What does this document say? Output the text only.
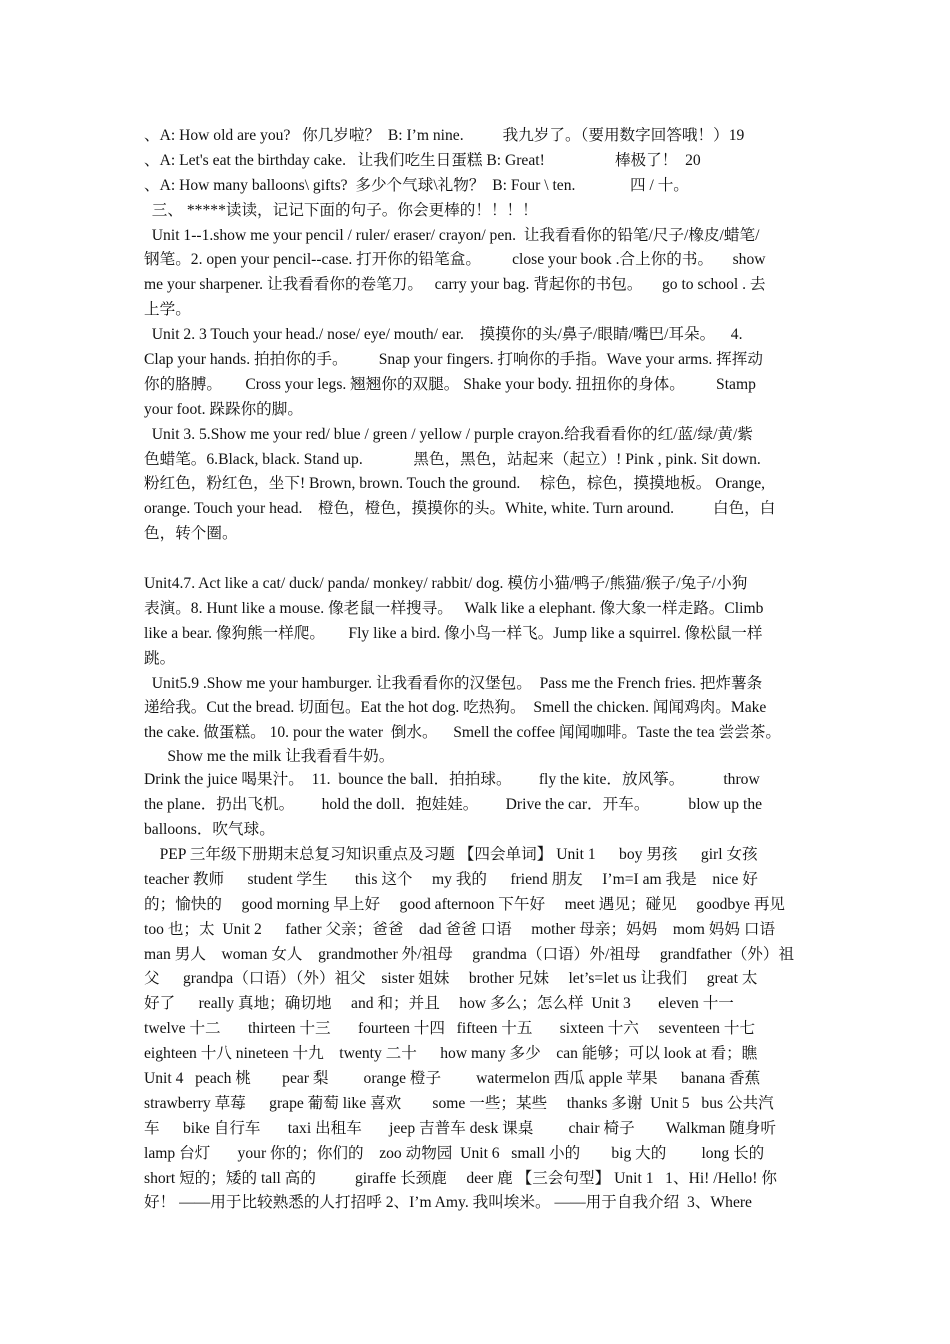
、A: How old are you?   你几岁啦？  B: I’m nine.          我九岁了。（要用数字回答哦！）19
、A: Let's eat the birthday cake.   让我们吃生日蛋糕 B: Great!                  棒极了！  20
、A: How many balloons\ gifts?  多少个气球\礼物？  B: Four \ ten.              四 / 十。
三、 *****读读，记记下面的句子。你会更棒的！！！！
Unit 1--1.show me your pencil / ruler/ eraser/ crayon/ pen.  让我看看你的铅笔/尺子/橡皮/蜡笔/
钢笔。2. open your pencil--case. 打开你的铅笔盒。        close your book .合上你的书。     show
me your sharpener. 让我看看你的卷笔刀。   carry your bag. 背起你的书包。     go to school . 去
上学。
Unit 2. 3 Touch your head./ nose/ eye/ mouth/ ear.    摸摸你的头/鼻子/眼睛/嘴巴/耳朵。    4.
Clap your hands. 拍拍你的手。        Snap your fingers. 打响你的手指。Wave your arms. 挥挥动
你的胳膊。      Cross your legs. 翘翘你的双腿。 Shake your body. 扭扭你的身体。        Stamp
your foot. 跺跺你的脚。
Unit 3. 5.Show me your red/ blue / green / yellow / purple crayon.给我看看你的红/蓝/绿/黄/紫
色蜡笔。6.Black, black. Stand up.             黑色，黑色，站起来（起立）! Pink , pink. Sit down.
粉红色，粉红色，坐下! Brown, brown. Touch the ground.     棕色，棕色，摸摸地板。 Orange,
orange. Touch your head.    橙色，橙色，摸摸你的头。White, white. Turn around.          白色，白
色，转个圈。
Unit4.7. Act like a cat/ duck/ panda/ monkey/ rabbit/ dog. 模仿小猫/鸭子/熊猫/猴子/兔子/小狗
表演。8. Hunt like a mouse. 像老鼠一样搜寻。   Walk like a elephant. 像大象一样走路。Climb
like a bear. 像狗熊一样爬。      Fly like a bird. 像小鸟一样飞。Jump like a squirrel. 像松鼠一样
跳。
Unit5.9 .Show me your hamburger. 让我看看你的汉堡包。  Pass me the French fries. 把炸薯条
递给我。Cut the bread. 切面包。Eat the hot dog. 吃热狗。  Smell the chicken. 闻闻鸡肉。Make
the cake. 做蛋糕。 10. pour the water  倒水。    Smell the coffee 闻闻咖啡。Taste the tea 尝尝茶。
Show me the milk 让我看看牛奶。
Drink the juice 喝果汁。  11.  bounce the ball．拍拍球。       fly the kite．放风筝。          throw
the plane．扔出飞机。       hold the doll．抱娃娃。       Drive the car．开车。          blow up the
balloons．吹气球。
PEP 三年级下册期末总复习知识重点及习题 【四会单词】 Unit 1      boy 男孩      girl 女孩
teacher 教师      student 学生       this 这个     my 我的      friend 朋友     I’m=I am 我是    nice 好
的；愉快的     good morning 早上好     good afternoon 下午好     meet 遇见；碰见     goodbye 再见
too 也；太  Unit 2      father 父亲；爸爸    dad 爸爸 口语     mother 母亲；妈妈    mom 妈妈 口语
man 男人    woman 女人    grandmother 外/祖母     grandma（口语）外/祖母     grandfather（外）祖
父      grandpa（口语）（外）祖父    sister 姐妹     brother 兄妹     let’s=let us 让我们     great 太
好了      really 真地；确切地     and 和；并且     how 多么；怎么样  Unit 3       eleven 十一
twelve 十二       thirteen 十三       fourteen 十四   fifteen 十五       sixteen 十六     seventeen 十七
eighteen 十八 nineteen 十九    twenty 二十      how many 多少    can 能够；可以 look at 看；瞧
Unit 4   peach 桃        pear 梨         orange 橙子         watermelon 西瓜 apple 苹果      banana 香蕉
strawberry 草莓      grape 葡萄 like 喜欢        some 一些；某些     thanks 多谢  Unit 5   bus 公共汽
车      bike 自行车       taxi 出租车       jeep 吉普车 desk 课桌         chair 椅子        Walkman 随身听
lamp 台灯       your 你的；你们的    zoo 动物园  Unit 6   small 小的        big 大的         long 长的
short 短的；矮的 tall 高的          giraffe 长颈鹿     deer 鹿 【三会句型】 Unit 1   1、Hi! /Hello! 你
好！ ——用于比较熟悉的人打招呼 2、I’m Amy. 我叫埃米。 ——用于自我介绍  3、Where
